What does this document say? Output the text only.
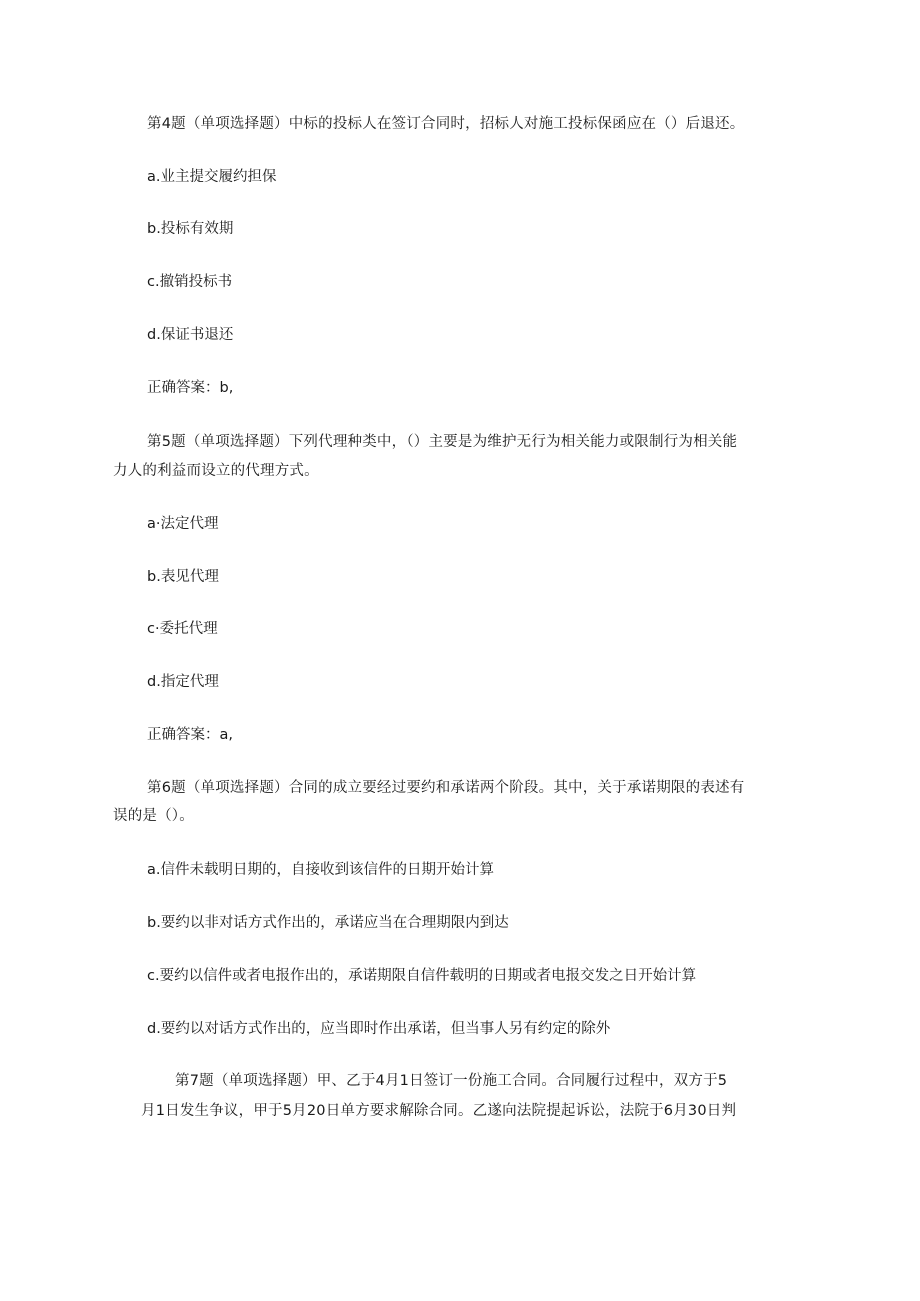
第4题（单项选择题）中标的投标人在签订合同时，招标人对施工投标保函应在（）后退还。
a.业主提交履约担保
b.投标有效期
c.撤销投标书
d.保证书退还
正确答案：b,
第5题（单项选择题）下列代理种类中，（）主要是为维护无行为相关能力或限制行为相关能
力人的利益而设立的代理方式。
a·法定代理
b.表见代理
c·委托代理
d.指定代理
正确答案：a,
第6题（单项选择题）合同的成立要经过要约和承诺两个阶段。其中，关于承诺期限的表述有
误的是（）。
a.信件未载明日期的，自接收到该信件的日期开始计算
b.要约以非对话方式作出的，承诺应当在合理期限内到达
c.要约以信件或者电报作出的，承诺期限自信件载明的日期或者电报交发之日开始计算
d.要约以对话方式作出的，应当即时作出承诺，但当事人另有约定的除外
第7题（单项选择题）甲、乙于4月1日签订一份施工合同。合同履行过程中，双方于5
月1日发生争议，甲于5月20日单方要求解除合同。乙遂向法院提起诉讼，法院于6月30日判
